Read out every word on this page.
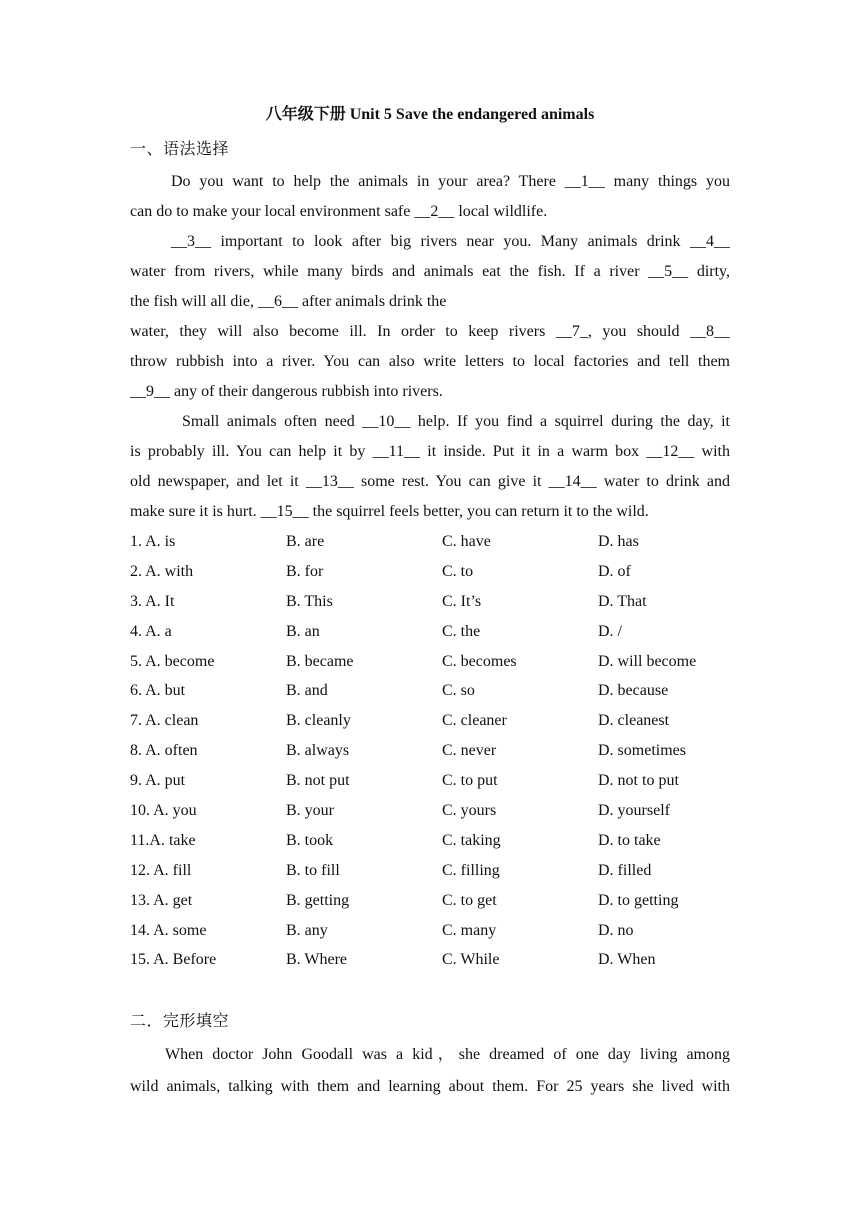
八年级下册 Unit 5 Save the endangered animals
一、语法选择
Do you want to help the animals in your area? There __1__ many things you
can do to make your local environment safe __2__ local wildlife.
__3__ important to look after big rivers near you. Many animals drink __4__
water from rivers, while many birds and animals eat the fish. If a river __5__ dirty,
the fish will all die, __6__ after animals drink the
water, they will also become ill. In order to keep rivers __7_, you should __8__
throw rubbish into a river. You can also write letters to local factories and tell them
__9__ any of their dangerous rubbish into rivers.
Small animals often need __10__ help. If you find a squirrel during the day, it
is probably ill. You can help it by __11__ it inside. Put it in a warm box __12__ with
old newspaper, and let it __13__ some rest. You can give it __14__ water to drink and
make sure it is hurt. __15__ the squirrel feels better, you can return it to the wild.
1. A. is	B. are	C. have	D. has
2. A. with	B. for	C. to	D. of
3. A. It	B. This	C. It’s	D. That
4. A. a	B. an	C. the	D. /
5. A. become	B. became	C. becomes	D. will become
6. A. but	B. and	C. so	D. because
7. A. clean	B. cleanly	C. cleaner	D. cleanest
8. A. often	B. always	C. never	D. sometimes
9. A. put	B. not put	C. to put	D. not to put
10. A. you	B. your	C. yours	D. yourself
11.A. take	B. took	C. taking	D. to take
12. A. fill	B. to fill	C. filling	D. filled
13. A. get	B. getting	C. to get	D. to getting
14. A. some	B. any	C. many	D. no
15. A. Before	B. Where	C. While	D. When
二．完形填空
When doctor John Goodall was a kid，she dreamed of one day living among
wild animals, talking with them and learning about them. For 25 years she lived with
